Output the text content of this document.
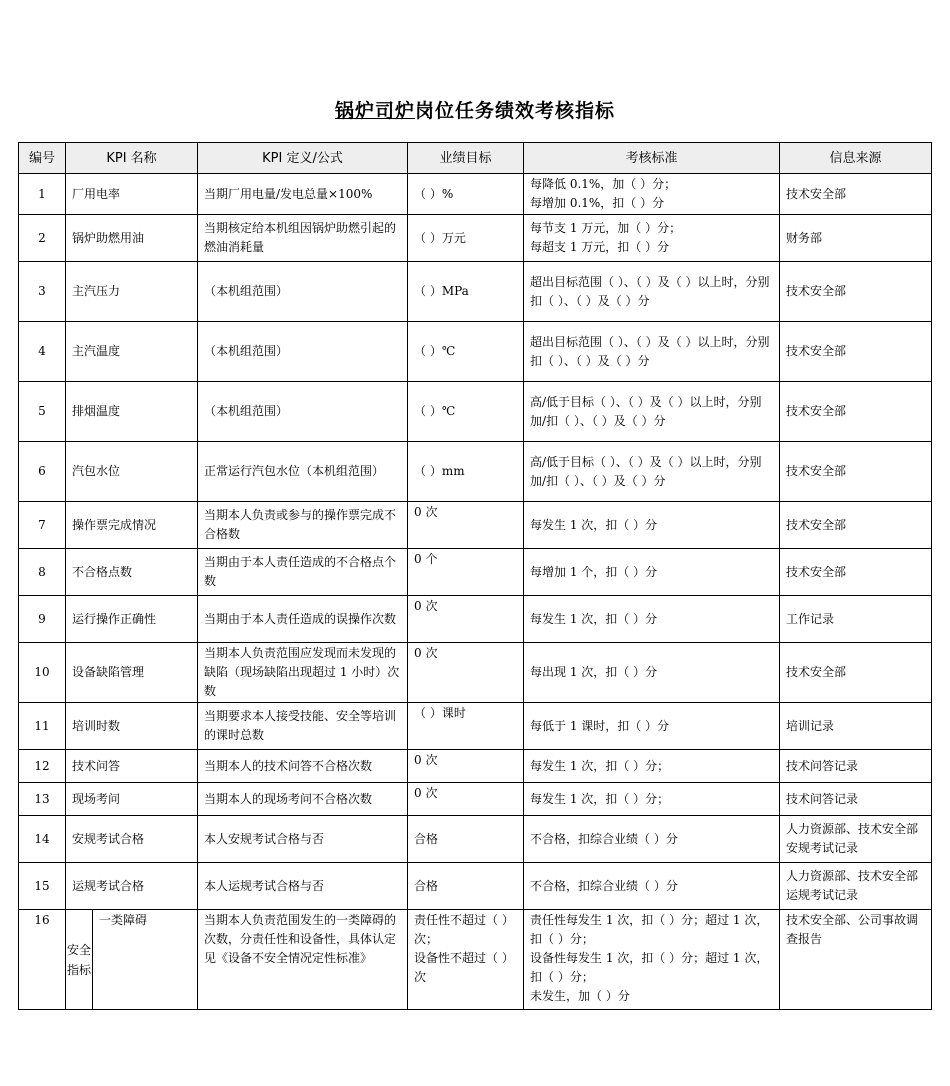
锅炉司炉岗位任务绩效考核指标
编号	KPI 名称		KPI 定义/公式	业绩目标	考核标准	信息来源
1	厂用电率		当期厂用电量/发电总量×100%	（ ）%	每降低 0.1%，加（ ）分；
每增加 0.1%，扣（ ）分	技术安全部
2	锅炉助燃用油		当期核定给本机组因锅炉助燃引起的燃油消耗量	（ ）万元	每节支 1 万元，加（ ）分；
每超支 1 万元，扣（ ）分	财务部
3	主汽压力		（本机组范围）	（ ）MPa	超出目标范围（ ）、（ ）及（ ）以上时，分别扣（ ）、（ ）及（ ）分	技术安全部
4	主汽温度		（本机组范围）	（ ）℃	超出目标范围（ ）、（ ）及（ ）以上时，分别扣（ ）、（ ）及（ ）分	技术安全部
5	排烟温度		（本机组范围）	（ ）℃	高/低于目标（ ）、（ ）及（ ）以上时，分别加/扣（ ）、（ ）及（ ）分	技术安全部
6	汽包水位		正常运行汽包水位（本机组范围）	（ ）mm	高/低于目标（ ）、（ ）及（ ）以上时，分别加/扣（ ）、（ ）及（ ）分	技术安全部
7	操作票完成情况		当期本人负责或参与的操作票完成不合格数	0 次	每发生 1 次，扣（ ）分	技术安全部
8	不合格点数		当期由于本人责任造成的不合格点个数	0 个	每增加 1 个，扣（ ）分	技术安全部
9	运行操作正确性		当期由于本人责任造成的误操作次数	0 次	每发生 1 次，扣（ ）分	工作记录
10	设备缺陷管理		当期本人负责范围应发现而未发现的缺陷（现场缺陷出现超过 1 小时）次数	0 次	每出现 1 次，扣（ ）分	技术安全部
11	培训时数		当期要求本人接受技能、安全等培训的课时总数	（ ）课时	每低于 1 课时，扣（ ）分	培训记录
12	技术问答		当期本人的技术问答不合格次数	0 次	每发生 1 次，扣（ ）分；	技术问答记录
13	现场考问		当期本人的现场考问不合格次数	0 次	每发生 1 次，扣（ ）分；	技术问答记录
14	安规考试合格		本人安规考试合格与否	合格	不合格，扣综合业绩（ ）分	人力资源部、技术安全部安规考试记录
15	运规考试合格		本人运规考试合格与否	合格	不合格，扣综合业绩（ ）分	人力资源部、技术安全部运规考试记录
16	安全指标	一类障碍	当期本人负责范围发生的一类障碍的次数，分责任性和设备性，具体认定见《设备不安全情况定性标准》	责任性不超过（ ）次；
设备性不超过（ ）次	责任性每发生 1 次，扣（ ）分；超过 1 次，扣（ ）分；
设备性每发生 1 次，扣（ ）分；超过 1 次，扣（ ）分；
未发生，加（ ）分	技术安全部、公司事故调查报告
